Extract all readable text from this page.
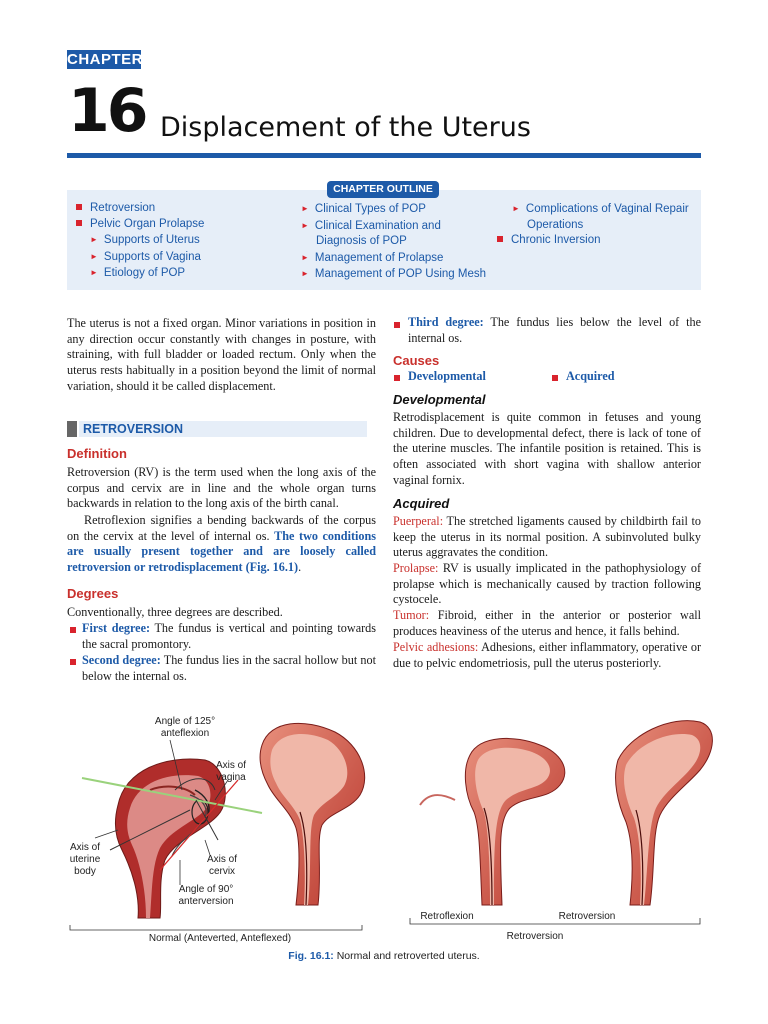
CHAPTER
16 Displacement of the Uterus
CHAPTER OUTLINE
Retroversion
Pelvic Organ Prolapse
► Supports of Uterus
► Supports of Vagina
► Etiology of POP
► Clinical Types of POP
► Clinical Examination and
Diagnosis of POP
► Management of Prolapse
► Management of POP Using Mesh
► Complications of Vaginal Repair
Operations
Chronic Inversion
The uterus is not a fixed organ. Minor variations in position in any direction occur constantly with changes in posture, with straining, with full bladder or loaded rectum. Only when the uterus rests habitually in a position beyond the limit of normal variation, should it be called displacement.
RETROVERSION
Definition
Retroversion (RV) is the term used when the long axis of the corpus and cervix are in line and the whole organ turns backwards in relation to the long axis of the birth canal.
Retroflexion signifies a bending backwards of the corpus on the cervix at the level of internal os. The two conditions are usually present together and are loosely called retroversion or retrodisplacement (Fig. 16.1).
Degrees
Conventionally, three degrees are described.
First degree: The fundus is vertical and pointing towards the sacral promontory.
Second degree: The fundus lies in the sacral hollow but not below the internal os.
Third degree: The fundus lies below the level of the internal os.
Causes
Developmental	Acquired
Developmental
Retrodisplacement is quite common in fetuses and young children. Due to developmental defect, there is lack of tone of the uterine muscles. The infantile position is retained. This is often associated with short vagina with shallow anterior vaginal fornix.
Acquired
Puerperal: The stretched ligaments caused by childbirth fail to keep the uterus in its normal position. A subinvoluted bulky uterus aggravates the condition.
Prolapse: RV is usually implicated in the pathophysiology of prolapse which is mechanically caused by traction following cystocele.
Tumor: Fibroid, either in the anterior or posterior wall produces heaviness of the uterus and hence, it falls behind.
Pelvic adhesions: Adhesions, either inflammatory, operative or due to pelvic endometriosis, pull the uterus posteriorly.
Angle of 125°
anteflexion
Axis of
vagina
Axis of
uterine
body
Axis of
cervix
Angle of 90°
anterversion
Normal (Anteverted, Anteflexed)
Retroflexion	Retroversion
Retroversion
Fig. 16.1: Normal and retroverted uterus.
